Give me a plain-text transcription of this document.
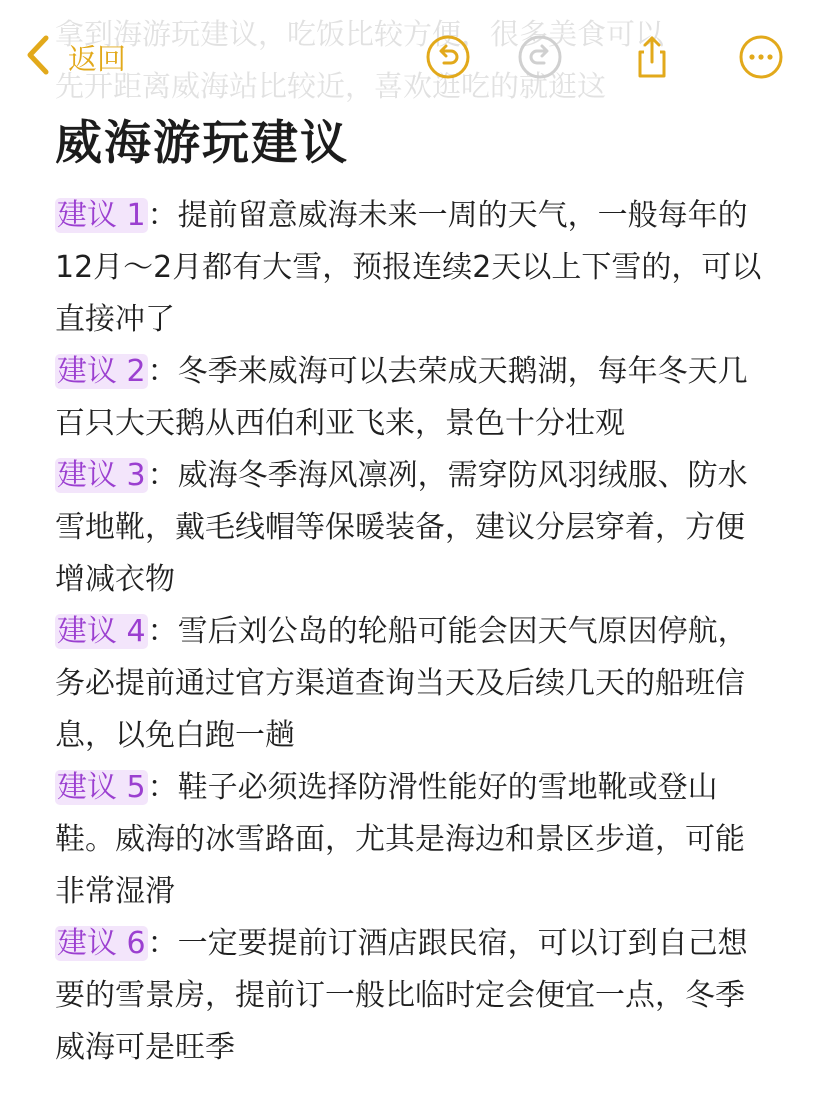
拿到海游玩建议，吃饭比较方便，很多美食可以
先开距离威海站比较近，喜欢逛吃的就逛这
返回
威海游玩建议

建议 1：提前留意威海未来一周的天气，一般每年的12月～2月都有大雪，预报连续2天以上下雪的，可以直接冲了

建议 2：冬季来威海可以去荣成天鹅湖，每年冬天几百只大天鹅从西伯利亚飞来，景色十分壮观

建议 3：威海冬季海风凛冽，需穿防风羽绒服、防水雪地靴，戴毛线帽等保暖装备，建议分层穿着，方便增减衣物

建议 4：雪后刘公岛的轮船可能会因天气原因停航，务必提前通过官方渠道查询当天及后续几天的船班信息，以免白跑一趟

建议 5：鞋子必须选择防滑性能好的雪地靴或登山鞋。威海的冰雪路面，尤其是海边和景区步道，可能非常湿滑

建议 6：一定要提前订酒店跟民宿，可以订到自己想要的雪景房，提前订一般比临时定会便宜一点，冬季威海可是旺季
